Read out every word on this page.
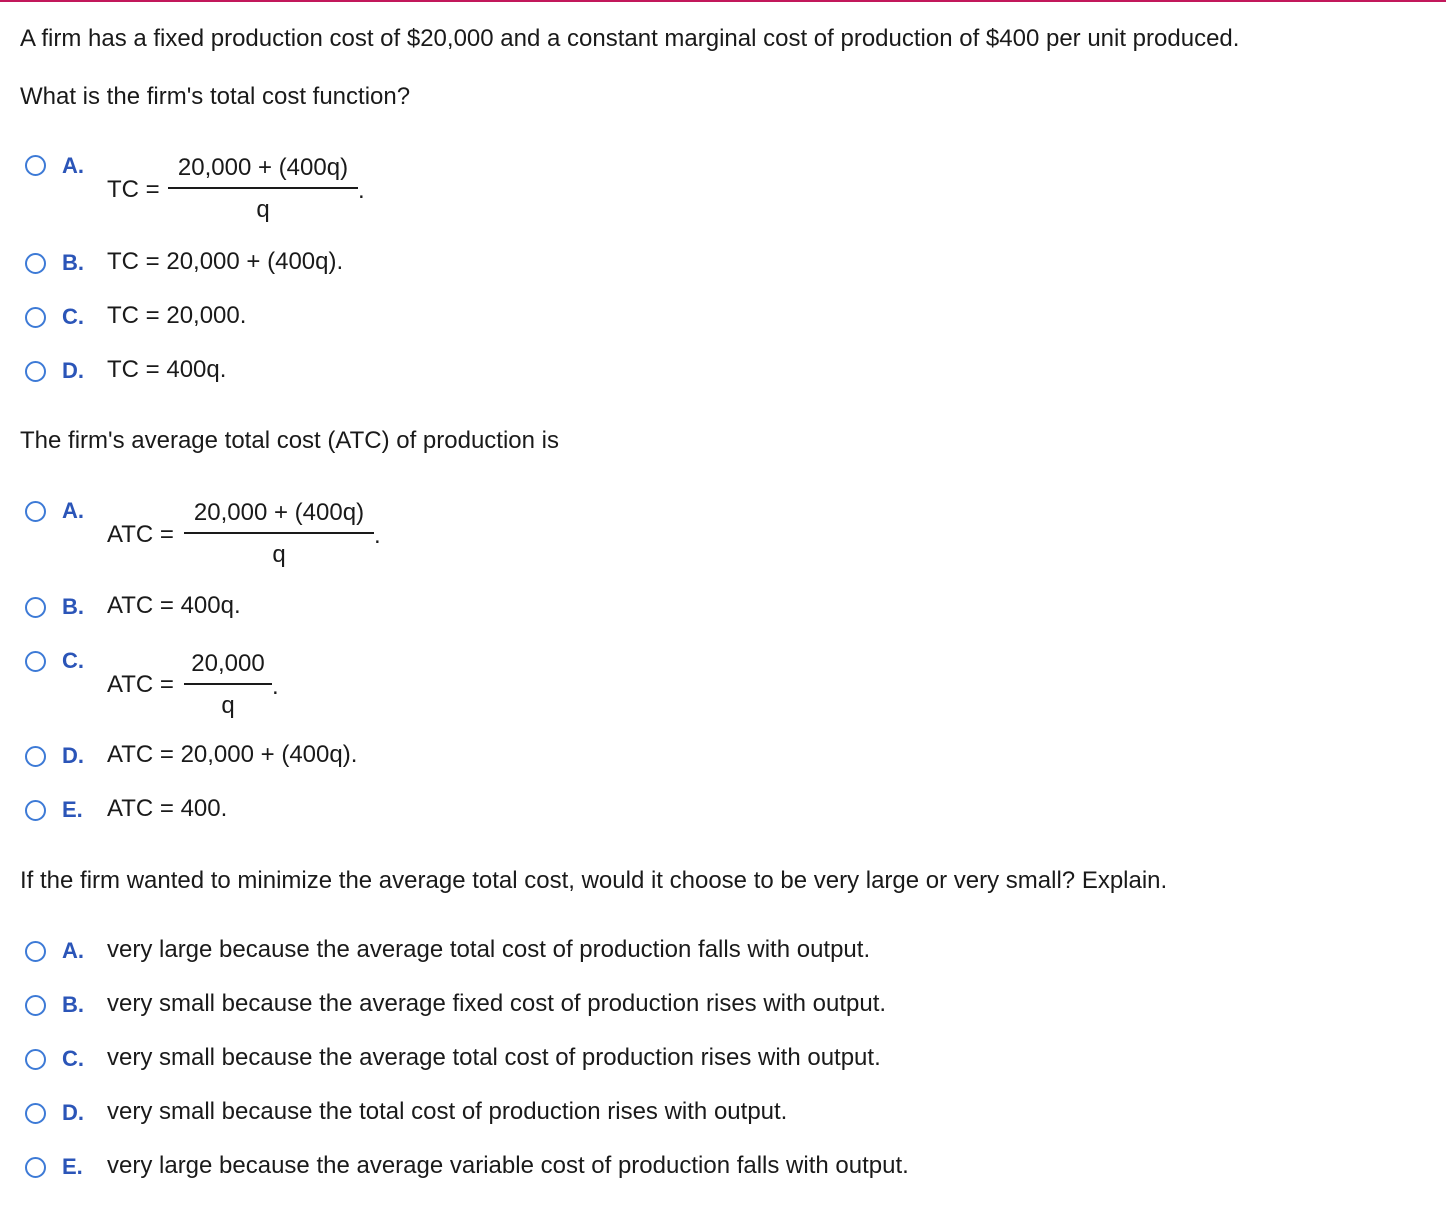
A firm has a fixed production cost of $20,000 and a constant marginal cost of production of $400 per unit produced.
What is the firm's total cost function?
A.
TC =
20,000 + (400q)
q
.
B. TC = 20,000 + (400q).
C. TC = 20,000.
D. TC = 400q.
The firm's average total cost (ATC) of production is
A.
ATC =
20,000 + (400q)
q
.
B. ATC = 400q.
C.
ATC =
20,000
q
.
D. ATC = 20,000 + (400q).
E. ATC = 400.
If the firm wanted to minimize the average total cost, would it choose to be very large or very small? Explain.
A. very large because the average total cost of production falls with output.
B. very small because the average fixed cost of production rises with output.
C. very small because the average total cost of production rises with output.
D. very small because the total cost of production rises with output.
E. very large because the average variable cost of production falls with output.
